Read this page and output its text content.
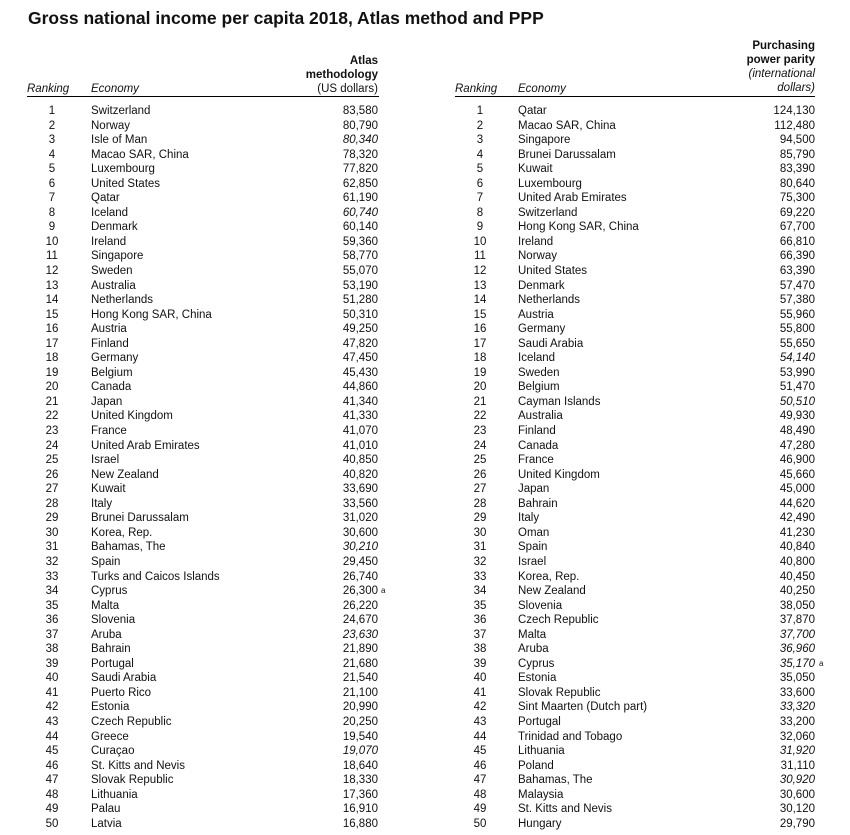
Gross national income per capita 2018, Atlas method and PPP
Ranking Economy
Atlas
methodology
(US dollars)	Ranking Economy
Purchasing
power parity
(international
dollars)
1	Switzerland	83,580	1	Qatar	124,130
2	Norway	80,790	2	Macao SAR, China	112,480
3	Isle of Man	80,340	3	Singapore	94,500
4	Macao SAR, China	78,320	4	Brunei Darussalam	85,790
5	Luxembourg	77,820	5	Kuwait	83,390
6	United States	62,850	6	Luxembourg	80,640
7	Qatar	61,190	7	United Arab Emirates	75,300
8	Iceland	60,740	8	Switzerland	69,220
9	Denmark	60,140	9	Hong Kong SAR, China	67,700
10	Ireland	59,360	10	Ireland	66,810
11	Singapore	58,770	11	Norway	66,390
12	Sweden	55,070	12	United States	63,390
13	Australia	53,190	13	Denmark	57,470
14	Netherlands	51,280	14	Netherlands	57,380
15	Hong Kong SAR, China	50,310	15	Austria	55,960
16	Austria	49,250	16	Germany	55,800
17	Finland	47,820	17	Saudi Arabia	55,650
18	Germany	47,450	18	Iceland	54,140
19	Belgium	45,430	19	Sweden	53,990
20	Canada	44,860	20	Belgium	51,470
21	Japan	41,340	21	Cayman Islands	50,510
22	United Kingdom	41,330	22	Australia	49,930
23	France	41,070	23	Finland	48,490
24	United Arab Emirates	41,010	24	Canada	47,280
25	Israel	40,850	25	France	46,900
26	New Zealand	40,820	26	United Kingdom	45,660
27	Kuwait	33,690	27	Japan	45,000
28	Italy	33,560	28	Bahrain	44,620
29	Brunei Darussalam	31,020	29	Italy	42,490
30	Korea, Rep.	30,600	30	Oman	41,230
31	Bahamas, The	30,210	31	Spain	40,840
32	Spain	29,450	32	Israel	40,800
33	Turks and Caicos Islands	26,740	33	Korea, Rep.	40,450
34	Cyprus	26,300	34	New Zealand	40,250
a
35	Malta	26,220	35	Slovenia	38,050
36	Slovenia	24,670	36	Czech Republic	37,870
37	Aruba	23,630	37	Malta	37,700
38	Bahrain	21,890	38	Aruba	36,960
39	Portugal	21,680	39	Cyprus	35,170 a
40	Saudi Arabia	21,540	40	Estonia	35,050
41	Puerto Rico	21,100	41	Slovak Republic	33,600
42	Estonia	20,990	42	Sint Maarten (Dutch part)	33,320
43	Czech Republic	20,250	43	Portugal	33,200
44	Greece	19,540	44	Trinidad and Tobago	32,060
45	Curaçao	19,070	45	Lithuania	31,920
46	St. Kitts and Nevis	18,640	46	Poland	31,110
47	Slovak Republic	18,330	47	Bahamas, The	30,920
48	Lithuania	17,360	48	Malaysia	30,600
49	Palau	16,910	49	St. Kitts and Nevis	30,120
50	Latvia	16,880	50	Hungary	29,790
